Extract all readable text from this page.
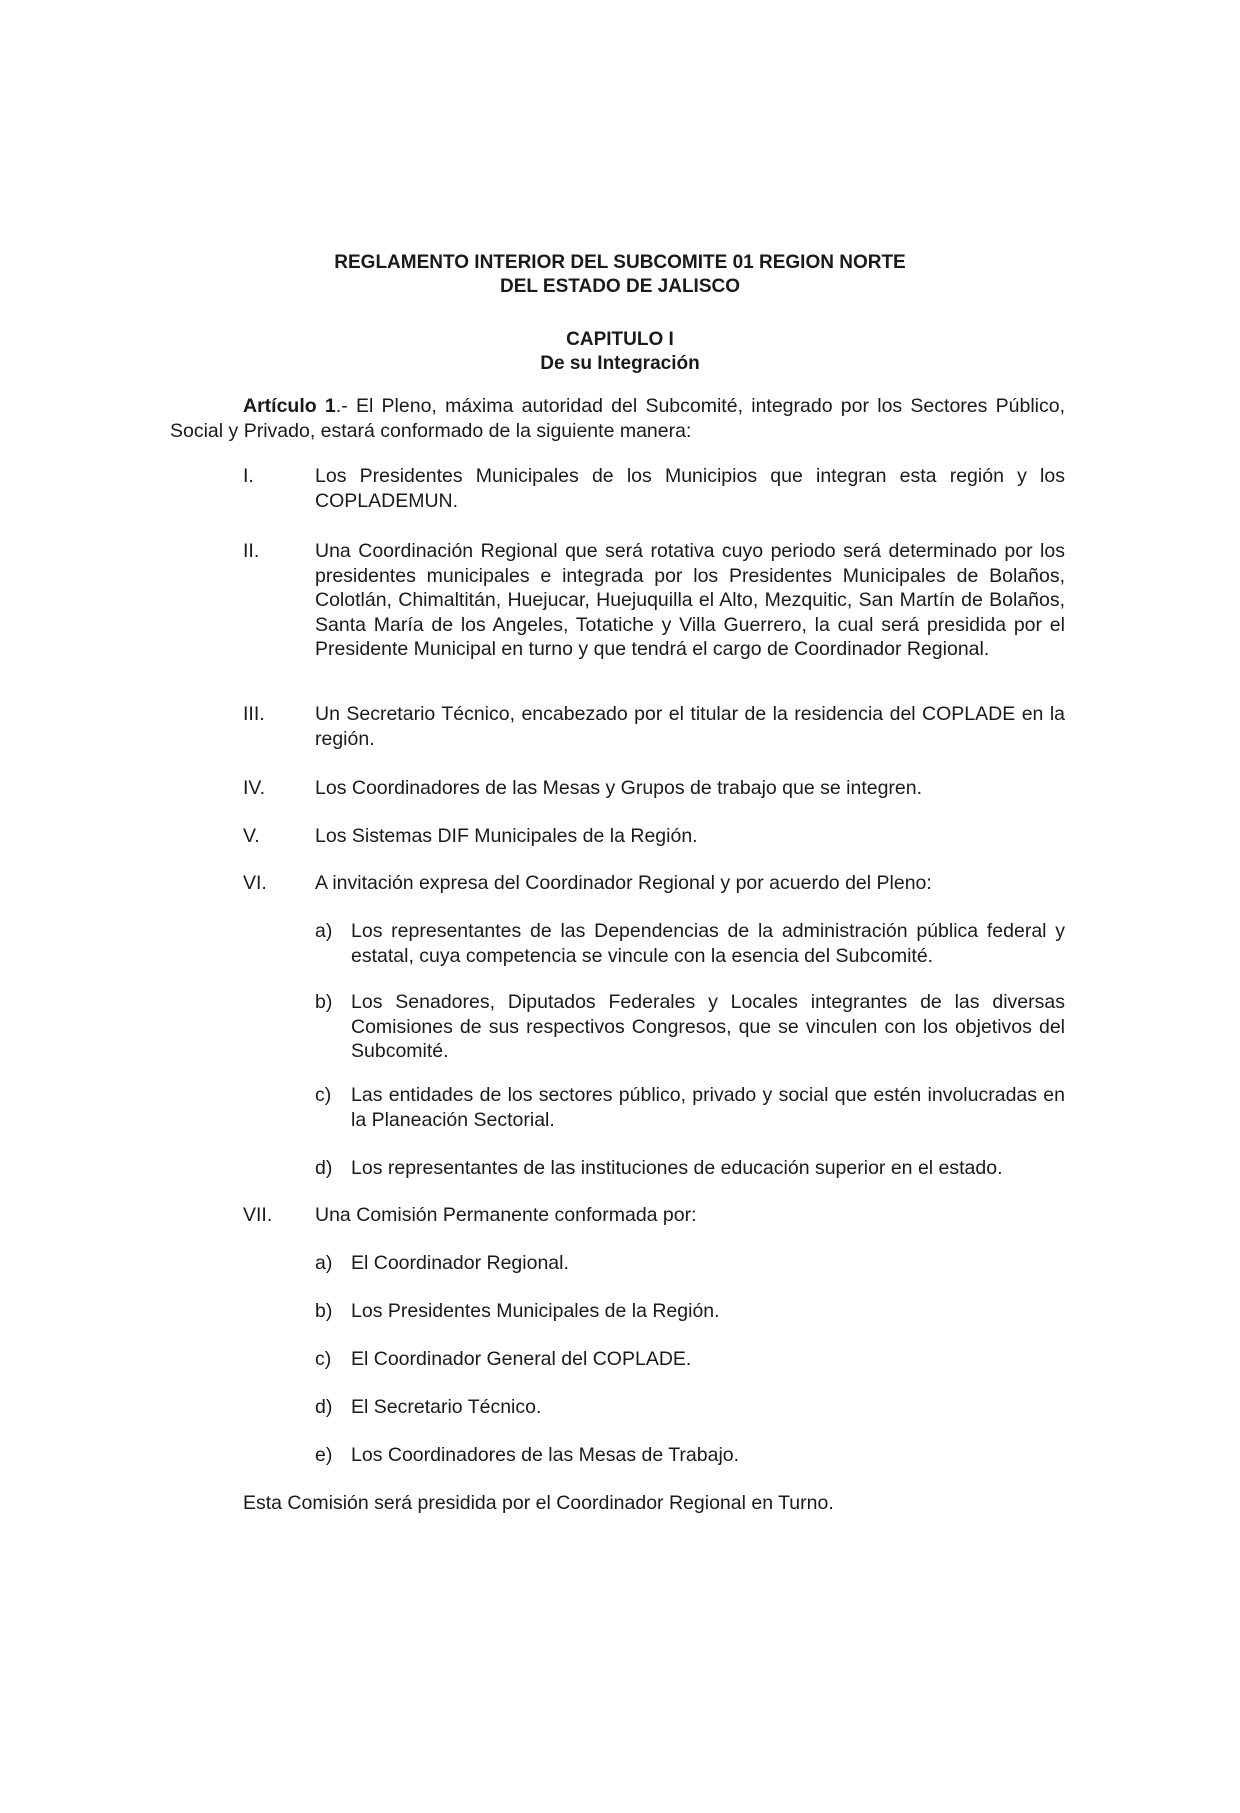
REGLAMENTO INTERIOR DEL SUBCOMITE 01 REGION NORTE
DEL ESTADO DE JALISCO
CAPITULO I
De su Integración
Artículo 1.- El Pleno, máxima autoridad del Subcomité, integrado por los Sectores Público, Social y Privado, estará conformado de la siguiente manera:
I.	Los Presidentes Municipales de los Municipios que integran esta región y los COPLADEMUN.
II.	Una Coordinación Regional que será rotativa cuyo periodo será determinado por los presidentes municipales e integrada por los Presidentes Municipales de Bolaños, Colotlán, Chimaltitán, Huejucar, Huejuquilla el Alto, Mezquitic, San Martín de Bolaños, Santa María de los Angeles, Totatiche y Villa Guerrero, la cual será presidida por el Presidente Municipal en turno y que tendrá el cargo de Coordinador Regional.
III.	Un Secretario Técnico, encabezado por el titular de la residencia del COPLADE en la región.
IV.	Los Coordinadores de las Mesas y Grupos de trabajo que se integren.
V.	Los Sistemas DIF Municipales de la Región.
VI. A invitación expresa del Coordinador Regional y por acuerdo del Pleno:
a) Los representantes de las Dependencias de la administración pública federal y estatal, cuya competencia se vincule con la esencia del Subcomité.
b) Los Senadores, Diputados Federales y Locales integrantes de las diversas Comisiones de sus respectivos Congresos, que se vinculen con los objetivos del Subcomité.
c) Las entidades de los sectores público, privado y social que estén involucradas en la Planeación Sectorial.
d) Los representantes de las instituciones de educación superior en el estado.
VII. Una Comisión Permanente conformada por:
a) El Coordinador Regional.
b) Los Presidentes Municipales de la Región.
c) El Coordinador General del COPLADE.
d) El Secretario Técnico.
e) Los Coordinadores de las Mesas de Trabajo.
Esta Comisión será presidida por el Coordinador Regional en Turno.
